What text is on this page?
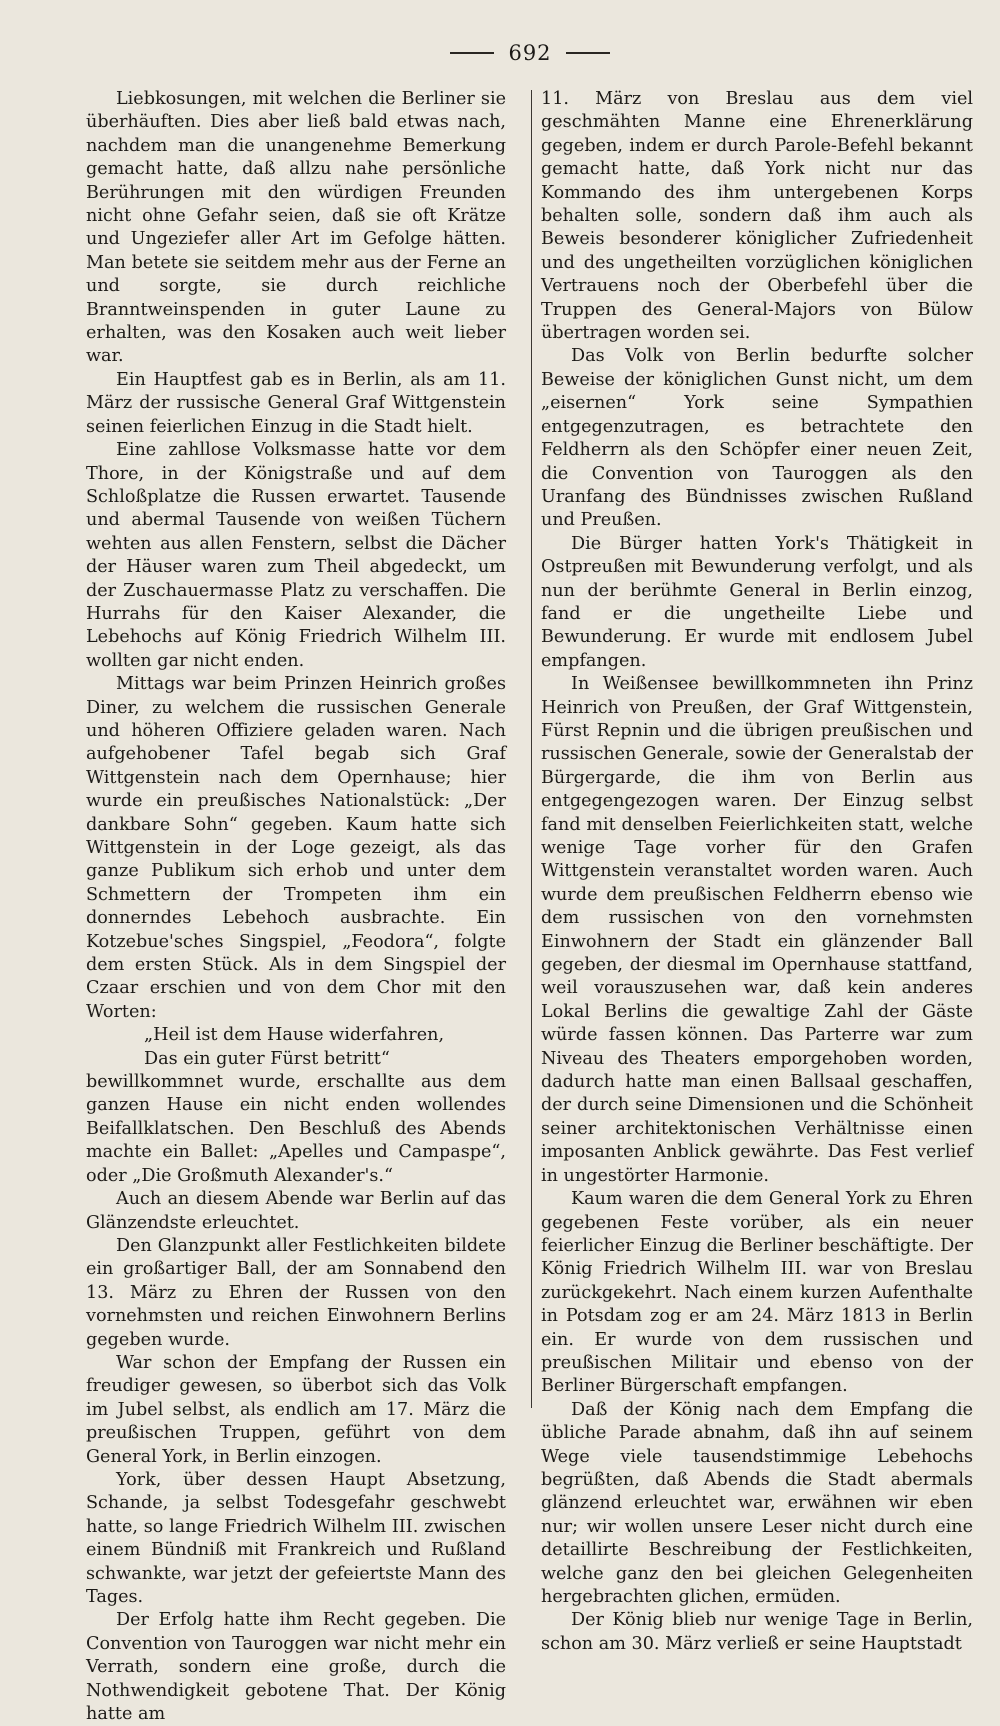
692

Liebkosungen, mit welchen die Berliner sie überhäuften. Dies aber ließ bald etwas nach, nachdem man die unangenehme Bemerkung gemacht hatte, daß allzu nahe persönliche Berührungen mit den würdigen Freunden nicht ohne Gefahr seien, daß sie oft Krätze und Ungeziefer aller Art im Gefolge hätten. Man betete sie seitdem mehr aus der Ferne an und sorgte, sie durch reichliche Branntweinspenden in guter Laune zu erhalten, was den Kosaken auch weit lieber war.

Ein Hauptfest gab es in Berlin, als am 11. März der russische General Graf Wittgenstein seinen feierlichen Einzug in die Stadt hielt.

Eine zahllose Volksmasse hatte vor dem Thore, in der Königstraße und auf dem Schloßplatze die Russen erwartet. Tausende und abermal Tausende von weißen Tüchern wehten aus allen Fenstern, selbst die Dächer der Häuser waren zum Theil abgedeckt, um der Zuschauermasse Platz zu verschaffen. Die Hurrahs für den Kaiser Alexander, die Lebehochs auf König Friedrich Wilhelm III. wollten gar nicht enden.

Mittags war beim Prinzen Heinrich großes Diner, zu welchem die russischen Generale und höheren Offiziere geladen waren. Nach aufgehobener Tafel begab sich Graf Wittgenstein nach dem Opernhause; hier wurde ein preußisches Nationalstück: „Der dankbare Sohn“ gegeben. Kaum hatte sich Wittgenstein in der Loge gezeigt, als das ganze Publikum sich erhob und unter dem Schmettern der Trompeten ihm ein donnerndes Lebehoch ausbrachte. Ein Kotzebue'sches Singspiel, „Feodora“, folgte dem ersten Stück. Als in dem Singspiel der Czaar erschien und von dem Chor mit den Worten:

„Heil ist dem Hause widerfahren,

Das ein guter Fürst betritt“

bewillkommnet wurde, erschallte aus dem ganzen Hause ein nicht enden wollendes Beifallklatschen. Den Beschluß des Abends machte ein Ballet: „Apelles und Campaspe“, oder „Die Großmuth Alexander's.“

Auch an diesem Abende war Berlin auf das Glänzendste erleuchtet.

Den Glanzpunkt aller Festlichkeiten bildete ein großartiger Ball, der am Sonnabend den 13. März zu Ehren der Russen von den vornehmsten und reichen Einwohnern Berlins gegeben wurde.

War schon der Empfang der Russen ein freudiger gewesen, so überbot sich das Volk im Jubel selbst, als endlich am 17. März die preußischen Truppen, geführt von dem General York, in Berlin einzogen.

York, über dessen Haupt Absetzung, Schande, ja selbst Todesgefahr geschwebt hatte, so lange Friedrich Wilhelm III. zwischen einem Bündniß mit Frankreich und Rußland schwankte, war jetzt der gefeiertste Mann des Tages.

Der Erfolg hatte ihm Recht gegeben. Die Convention von Tauroggen war nicht mehr ein Verrath, sondern eine große, durch die Nothwendigkeit gebotene That. Der König hatte am

11. März von Breslau aus dem viel geschmähten Manne eine Ehrenerklärung gegeben, indem er durch Parole-Befehl bekannt gemacht hatte, daß York nicht nur das Kommando des ihm untergebenen Korps behalten solle, sondern daß ihm auch als Beweis besonderer königlicher Zufriedenheit und des ungetheilten vorzüglichen königlichen Vertrauens noch der Oberbefehl über die Truppen des General-Majors von Bülow übertragen worden sei.

Das Volk von Berlin bedurfte solcher Beweise der königlichen Gunst nicht, um dem „eisernen“ York seine Sympathien entgegenzutragen, es betrachtete den Feldherrn als den Schöpfer einer neuen Zeit, die Convention von Tauroggen als den Uranfang des Bündnisses zwischen Rußland und Preußen.

Die Bürger hatten York's Thätigkeit in Ostpreußen mit Bewunderung verfolgt, und als nun der berühmte General in Berlin einzog, fand er die ungetheilte Liebe und Bewunderung. Er wurde mit endlosem Jubel empfangen.

In Weißensee bewillkommneten ihn Prinz Heinrich von Preußen, der Graf Wittgenstein, Fürst Repnin und die übrigen preußischen und russischen Generale, sowie der Generalstab der Bürgergarde, die ihm von Berlin aus entgegengezogen waren. Der Einzug selbst fand mit denselben Feierlichkeiten statt, welche wenige Tage vorher für den Grafen Wittgenstein veranstaltet worden waren. Auch wurde dem preußischen Feldherrn ebenso wie dem russischen von den vornehmsten Einwohnern der Stadt ein glänzender Ball gegeben, der diesmal im Opernhause stattfand, weil vorauszusehen war, daß kein anderes Lokal Berlins die gewaltige Zahl der Gäste würde fassen können. Das Parterre war zum Niveau des Theaters emporgehoben worden, dadurch hatte man einen Ballsaal geschaffen, der durch seine Dimensionen und die Schönheit seiner architektonischen Verhältnisse einen imposanten Anblick gewährte. Das Fest verlief in ungestörter Harmonie.

Kaum waren die dem General York zu Ehren gegebenen Feste vorüber, als ein neuer feierlicher Einzug die Berliner beschäftigte. Der König Friedrich Wilhelm III. war von Breslau zurückgekehrt. Nach einem kurzen Aufenthalte in Potsdam zog er am 24. März 1813 in Berlin ein. Er wurde von dem russischen und preußischen Militair und ebenso von der Berliner Bürgerschaft empfangen.

Daß der König nach dem Empfang die übliche Parade abnahm, daß ihn auf seinem Wege viele tausendstimmige Lebehochs begrüßten, daß Abends die Stadt abermals glänzend erleuchtet war, erwähnen wir eben nur; wir wollen unsere Leser nicht durch eine detaillirte Beschreibung der Festlichkeiten, welche ganz den bei gleichen Gelegenheiten hergebrachten glichen, ermüden.

Der König blieb nur wenige Tage in Berlin, schon am 30. März verließ er seine Hauptstadt
